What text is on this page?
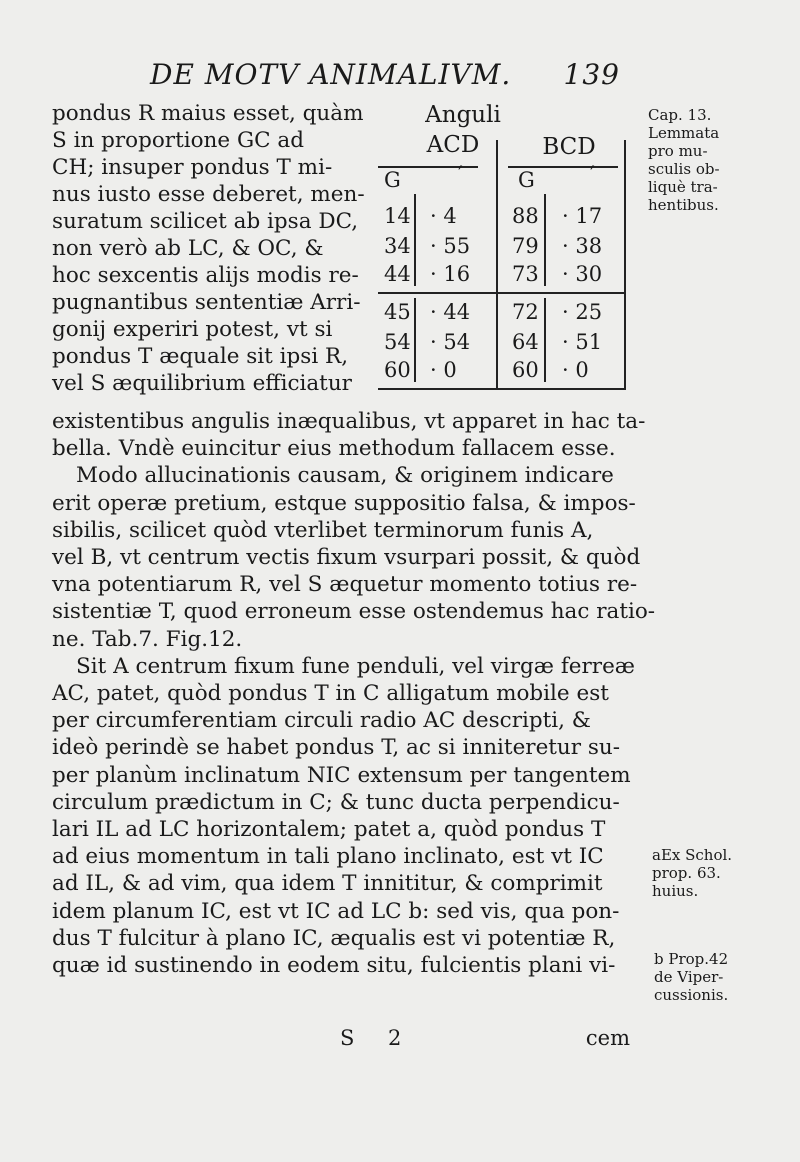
DE MOTV ANIMALIVM. 139
pondus R maius esset, quàm
S in proportione GC ad
CH; insuper pondus T mi-
nus iusto esse deberet, men-
suratum scilicet ab ipsa DC,
non verò ab LC, & OC, &
hoc sexcentis alijs modis re-
pugnantibus sententiæ Arri-
gonij experiri potest, vt si
pondus T æquale sit ipsi R,
vel S æquilibrium efficiatur
Anguli
ACD	BCD
G	′	G	′
14 · 4	88 · 17
34 · 55 79 · 38
44 · 16 73 · 30
45 · 44 72 · 25
54 · 54 64 · 51
60 · 0	60 · 0
Cap. 13.
Lemmata
pro mu-
sculis ob-
liquè tra-
hentibus.
existentibus angulis inæqualibus, vt apparet in hac ta-
bella. Vndè euincitur eius methodum fallacem esse.
Modo allucinationis causam, & originem indicare
erit operæ pretium, estque suppositio falsa, & impos-
sibilis, scilicet quòd vterlibet terminorum funis A,
vel B, vt centrum vectis fixum vsurpari possit, & quòd
vna potentiarum R, vel S æquetur momento totius re-
sistentiæ T, quod erroneum esse ostendemus hac ratio-
ne. Tab.7. Fig.12.
Sit A centrum fixum fune penduli, vel virgæ ferreæ
AC, patet, quòd pondus T in C alligatum mobile est
per circumferentiam circuli radio AC descripti, &
ideò perindè se habet pondus T, ac si inniteretur su-
per planùm inclinatum NIC extensum per tangentem
circulum prædictum in C; & tunc ducta perpendicu-
lari IL ad LC horizontalem; patet a, quòd pondus T
ad eius momentum in tali plano inclinato, est vt IC
ad IL, & ad vim, qua idem T innititur, & comprimit
idem planum IC, est vt IC ad LC b: sed vis, qua pon-
dus T fulcitur à plano IC, æqualis est vi potentiæ R,
quæ id sustinendo in eodem situ, fulcientis plani vi-
aEx Schol.
prop. 63.
huius.
b Prop.42
de Viper-
cussionis.
S 2	cem
